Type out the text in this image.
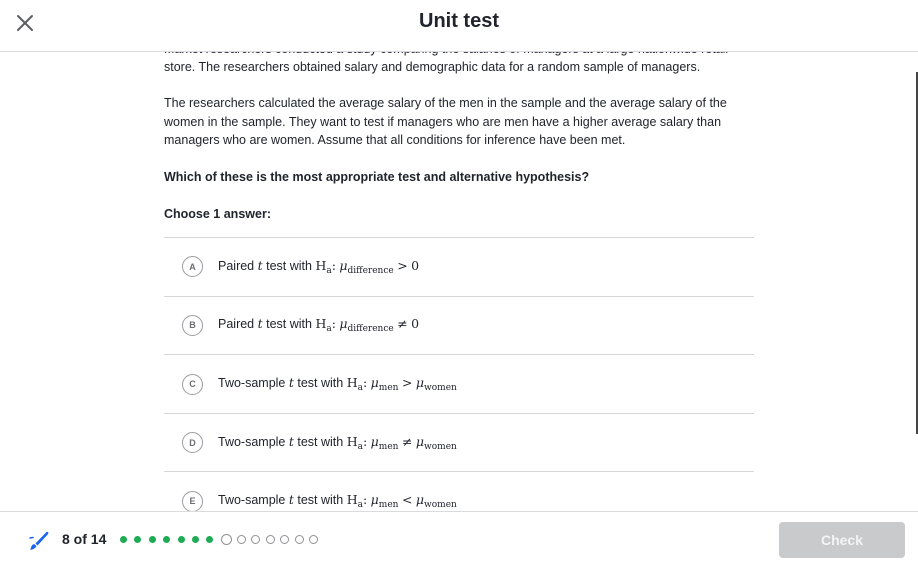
Unit test

store. The researchers obtained salary and demographic data for a random sample of managers.

The researchers calculated the average salary of the men in the sample and the average salary of the women in the sample. They want to test if managers who are men have a higher average salary than managers who are women. Assume that all conditions for inference have been met.

Which of these is the most appropriate test and alternative hypothesis?

Choose 1 answer:

A	Paired t test with $H_a$: $\mu_{difference} > 0$
B	Paired t test with $H_a$: $\mu_{difference} \ne 0$
C	Two-sample t test with $H_a$: $\mu_{men} > \mu_{women}$
D	Two-sample t test with $H_a$: $\mu_{men} \ne \mu_{women}$
E	Two-sample t test with $H_a$: $\mu_{men} < \mu_{women}$
8 of 14	Check
